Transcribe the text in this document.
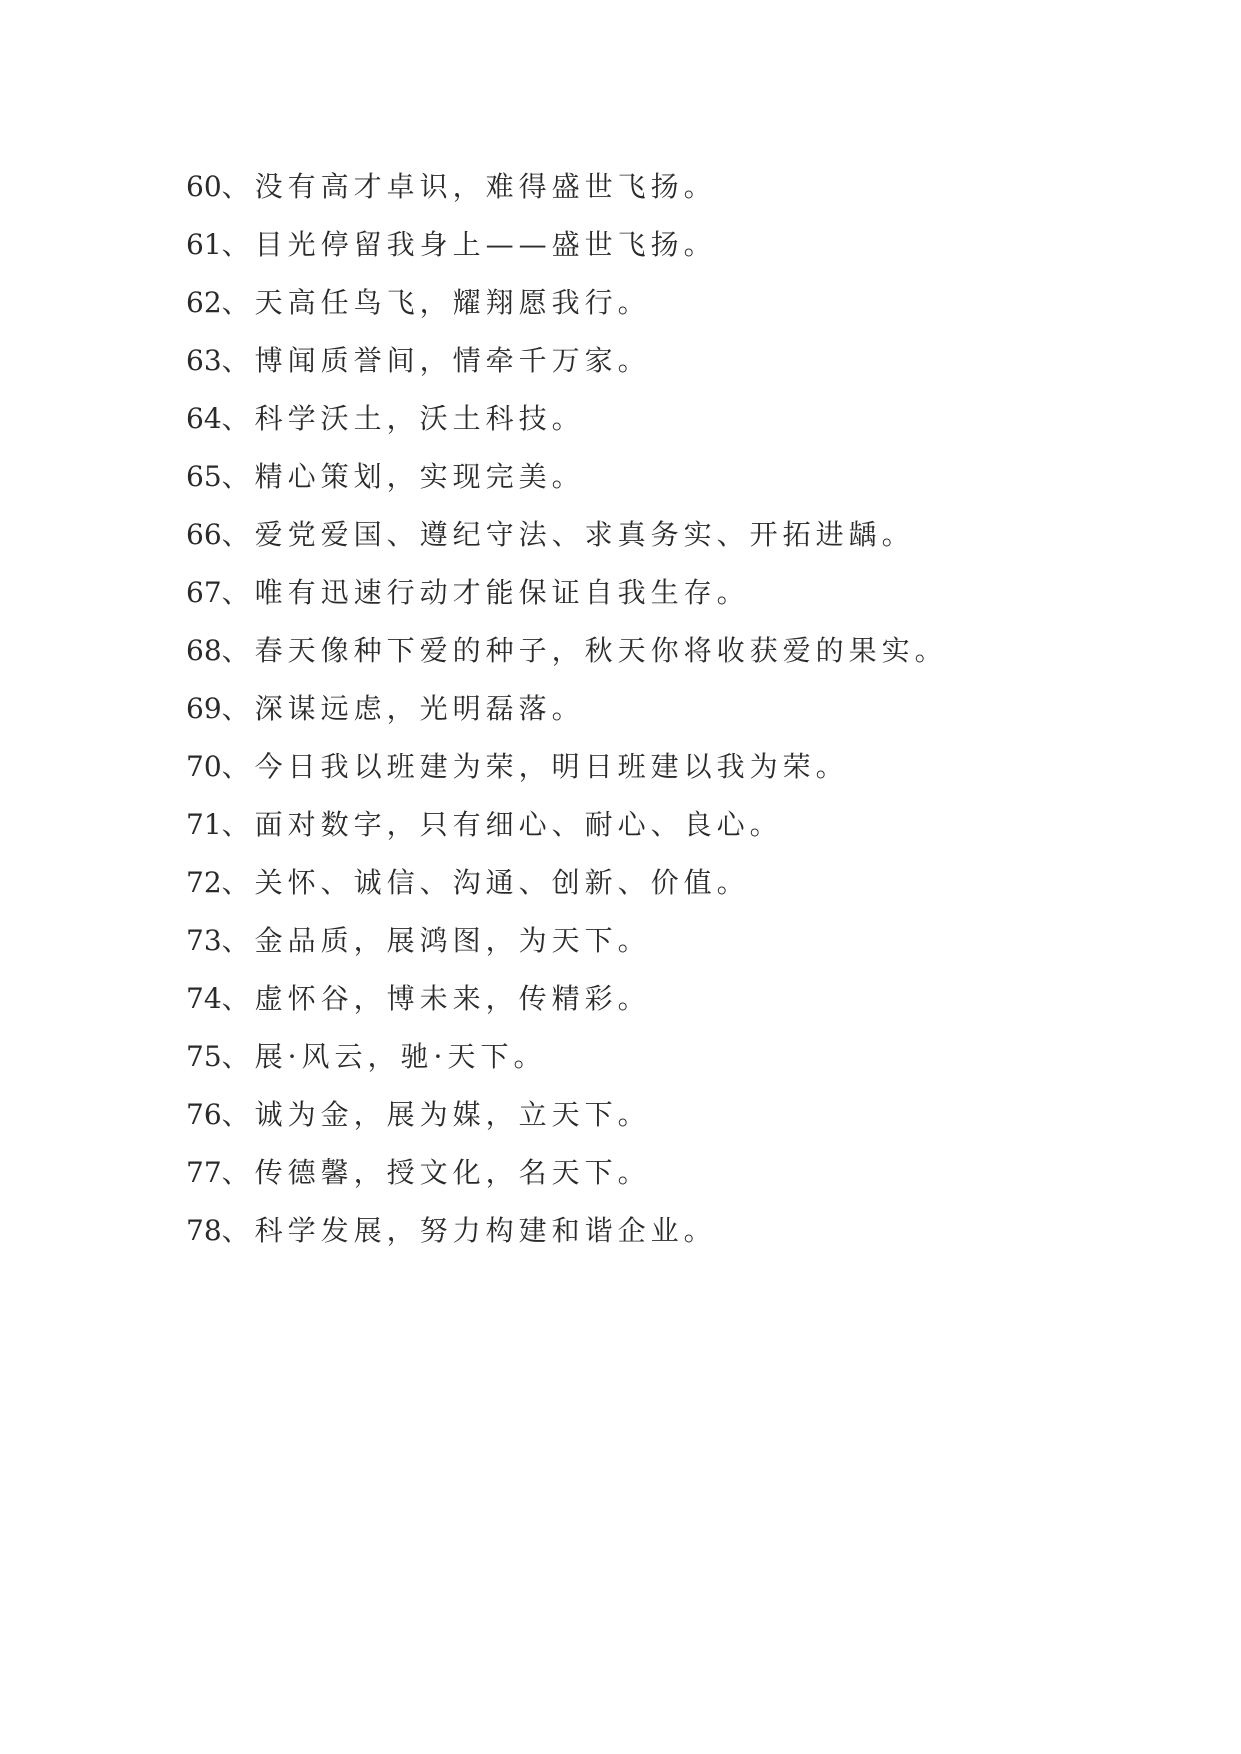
60、没有高才卓识，难得盛世飞扬。
61、目光停留我身上——盛世飞扬。
62、天高任鸟飞，耀翔愿我行。
63、博闻质誉间，情牵千万家。
64、科学沃土，沃土科技。
65、精心策划，实现完美。
66、爱党爱国、遵纪守法、求真务实、开拓进龋。
67、唯有迅速行动才能保证自我生存。
68、春天像种下爱的种子，秋天你将收获爱的果实。
69、深谋远虑，光明磊落。
70、今日我以班建为荣，明日班建以我为荣。
71、面对数字，只有细心、耐心、良心。
72、关怀、诚信、沟通、创新、价值。
73、金品质，展鸿图，为天下。
74、虚怀谷，博未来，传精彩。
75、展·风云，驰·天下。
76、诚为金，展为媒，立天下。
77、传德馨，授文化，名天下。
78、科学发展，努力构建和谐企业。
